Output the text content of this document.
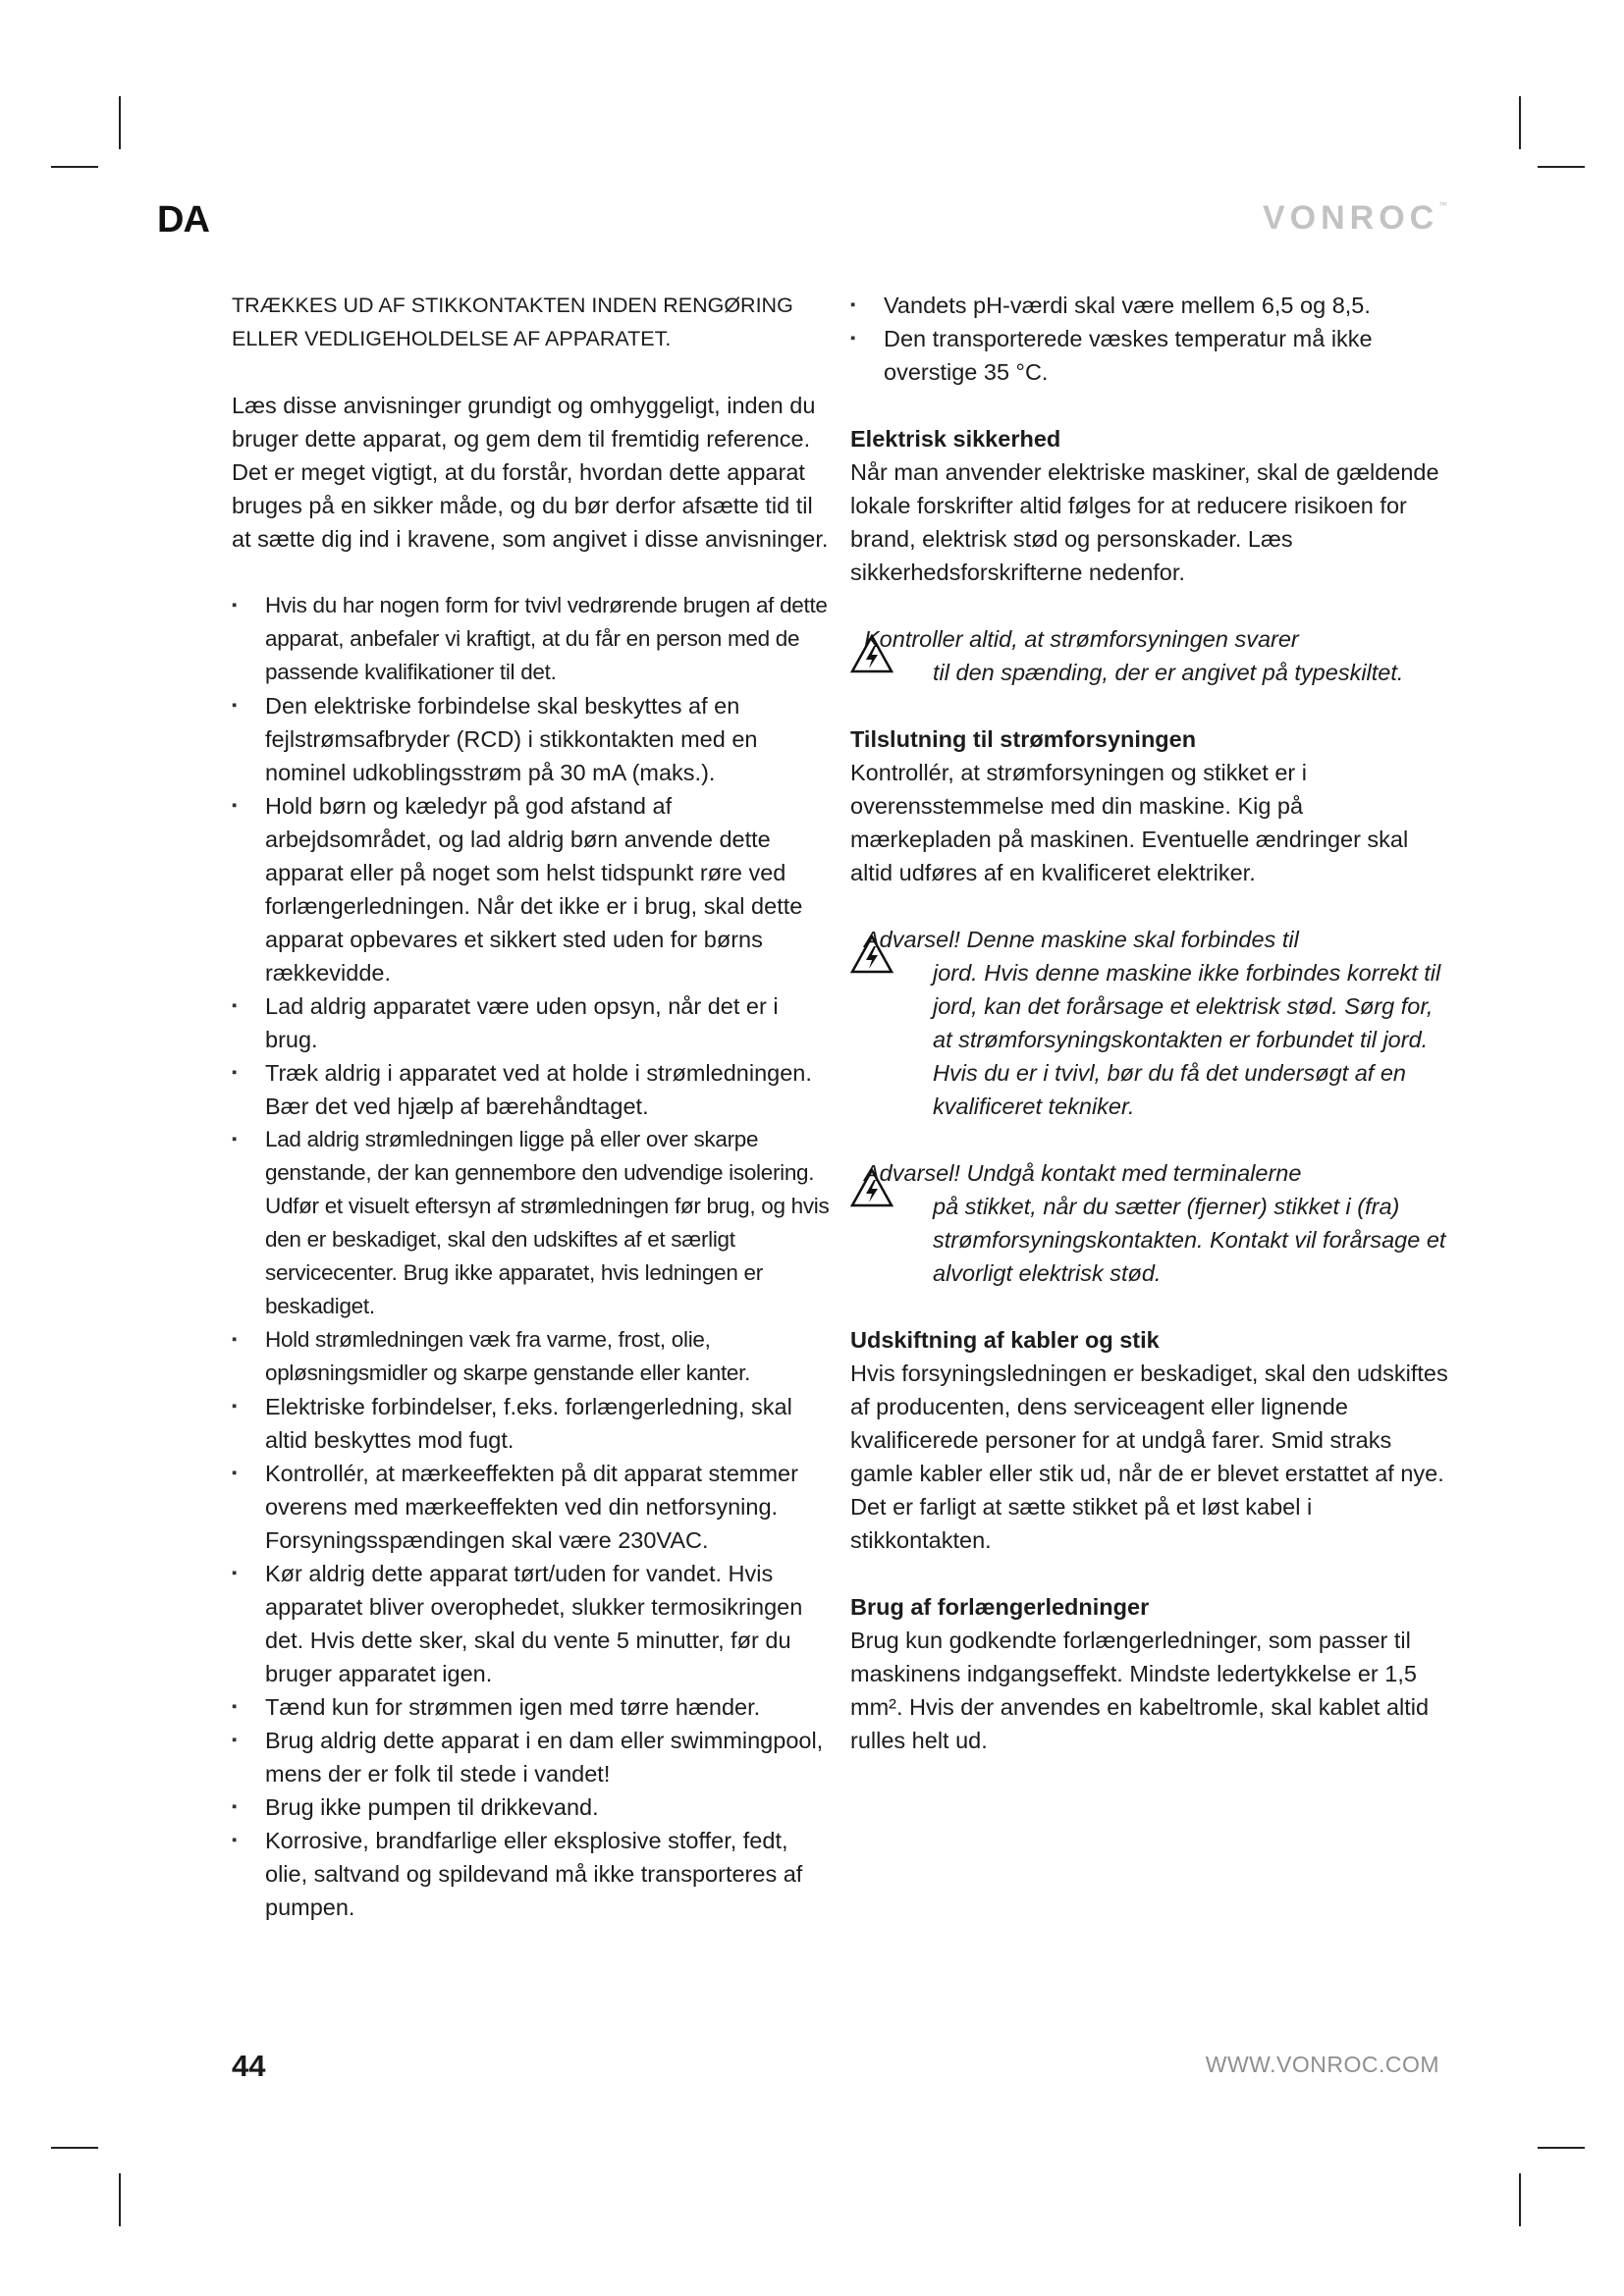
DA	VONROC ™

TRÆKKES UD AF STIKKONTAKTEN INDEN RENGØRING ELLER VEDLIGEHOLDELSE AF APPARATET.

Læs disse anvisninger grundigt og omhyggeligt, inden du bruger dette apparat, og gem dem til fremtidig reference. Det er meget vigtigt, at du forstår, hvordan dette apparat bruges på en sikker måde, og du bør derfor afsætte tid til at sætte dig ind i kravene, som angivet i disse anvisninger.

▪ Hvis du har nogen form for tvivl vedrørende brugen af dette apparat, anbefaler vi kraftigt, at du får en person med de passende kvalifikationer til det.
▪ Den elektriske forbindelse skal beskyttes af en fejlstrømsafbryder (RCD) i stikkontakten med en nominel udkoblingsstrøm på 30 mA (maks.).
▪ Hold børn og kæledyr på god afstand af arbejdsområdet, og lad aldrig børn anvende dette apparat eller på noget som helst tidspunkt røre ved forlængerledningen. Når det ikke er i brug, skal dette apparat opbevares et sikkert sted uden for børns rækkevidde.
▪ Lad aldrig apparatet være uden opsyn, når det er i brug.
▪ Træk aldrig i apparatet ved at holde i strømledningen. Bær det ved hjælp af bærehåndtaget.
▪ Lad aldrig strømledningen ligge på eller over skarpe genstande, der kan gennembore den udvendige isolering. Udfør et visuelt eftersyn af strømledningen før brug, og hvis den er beskadiget, skal den udskiftes af et særligt servicecenter. Brug ikke apparatet, hvis ledningen er beskadiget.
▪ Hold strømledningen væk fra varme, frost, olie, opløsningsmidler og skarpe genstande eller kanter.
▪ Elektriske forbindelser, f.eks. forlængerledning, skal altid beskyttes mod fugt.
▪ Kontrollér, at mærkeeffekten på dit apparat stemmer overens med mærkeeffekten ved din netforsyning. Forsyningsspændingen skal være 230VAC.
▪ Kør aldrig dette apparat tørt/uden for vandet. Hvis apparatet bliver overophedet, slukker termosikringen det. Hvis dette sker, skal du vente 5 minutter, før du bruger apparatet igen.
▪ Tænd kun for strømmen igen med tørre hænder.
▪ Brug aldrig dette apparat i en dam eller swimmingpool, mens der er folk til stede i vandet!
▪ Brug ikke pumpen til drikkevand.
▪ Korrosive, brandfarlige eller eksplosive stoffer, fedt, olie, saltvand og spildevand må ikke transporteres af pumpen.
▪ Vandets pH-værdi skal være mellem 6,5 og 8,5.
▪ Den transporterede væskes temperatur må ikke overstige 35 °C.
Elektrisk sikkerhed

Når man anvender elektriske maskiner, skal de gældende lokale forskrifter altid følges for at reducere risikoen for brand, elektrisk stød og personskader. Læs sikkerhedsforskrifterne nedenfor.

Kontroller altid, at strømforsyningen svarer
til den spænding, der er angivet på typeskiltet.
Tilslutning til strømforsyningen

Kontrollér, at strømforsyningen og stikket er i overensstemmelse med din maskine. Kig på mærkepladen på maskinen. Eventuelle ændringer skal altid udføres af en kvalificeret elektriker.

Advarsel! Denne maskine skal forbindes til
jord. Hvis denne maskine ikke forbindes korrekt til jord, kan det forårsage et elektrisk stød. Sørg for, at strømforsyningskontakten er forbundet til jord. Hvis du er i tvivl, bør du få det undersøgt af en kvalificeret tekniker.
Advarsel! Undgå kontakt med terminalerne
på stikket, når du sætter (fjerner) stikket i (fra) strømforsyningskontakten. Kontakt vil forårsage et alvorligt elektrisk stød.
Udskiftning af kabler og stik

Hvis forsyningsledningen er beskadiget, skal den udskiftes af producenten, dens serviceagent eller lignende kvalificerede personer for at undgå farer. Smid straks gamle kabler eller stik ud, når de er blevet erstattet af nye. Det er farligt at sætte stikket på et løst kabel i stikkontakten.

Brug af forlængerledninger

Brug kun godkendte forlængerledninger, som passer til maskinens indgangseffekt. Mindste ledertykkelse er 1,5 mm². Hvis der anvendes en kabeltromle, skal kablet altid rulles helt ud.

44	WWW.VONROC.COM
